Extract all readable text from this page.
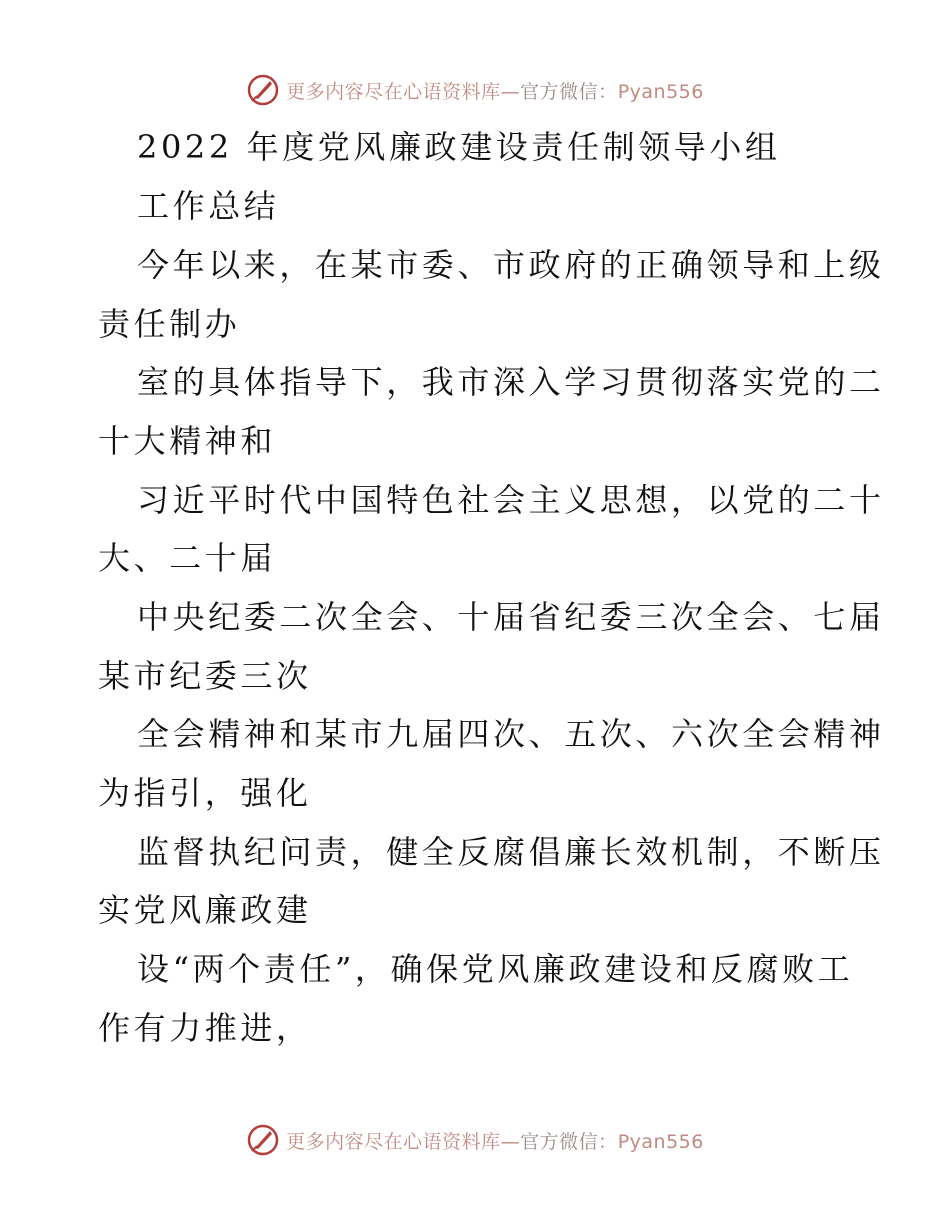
更多内容尽在心语资料库—官方微信：Pyan556
2022 年度党风廉政建设责任制领导小组
工作总结
今年以来，在某市委、市政府的正确领导和上级
责任制办
室的具体指导下，我市深入学习贯彻落实党的二
十大精神和
习近平时代中国特色社会主义思想，以党的二十
大、二十届
中央纪委二次全会、十届省纪委三次全会、七届
某市纪委三次
全会精神和某市九届四次、五次、六次全会精神
为指引，强化
监督执纪问责，健全反腐倡廉长效机制，不断压
实党风廉政建
设“两个责任”，确保党风廉政建设和反腐败工
作有力推进，
更多内容尽在心语资料库—官方微信：Pyan556
